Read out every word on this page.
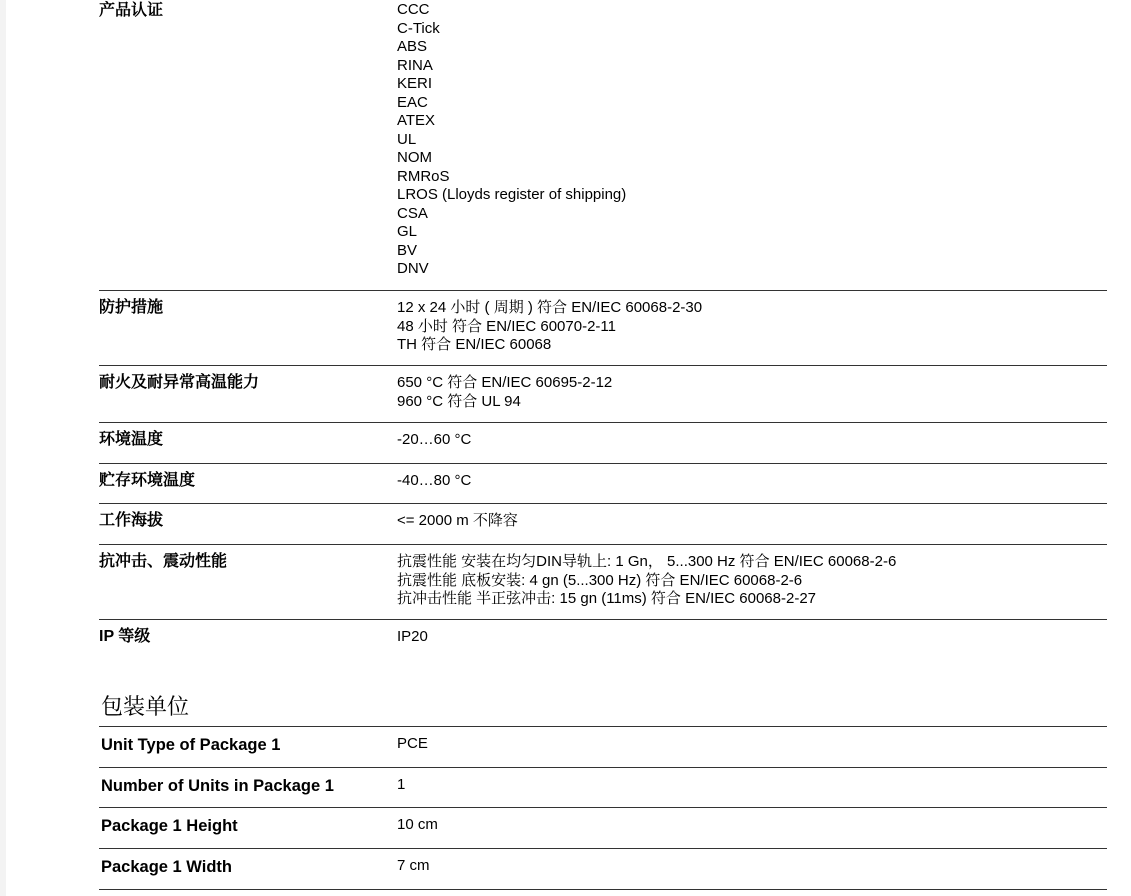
产品认证	CCC
C-Tick
ABS
RINA
KERI
EAC
ATEX
UL
NOM
RMRoS
LROS (Lloyds register of shipping)
CSA
GL
BV
DNV
防护措施	12 x 24 小时 ( 周期 ) 符合 EN/IEC 60068-2-30
48 小时 符合 EN/IEC 60070-2-11
TH 符合 EN/IEC 60068
耐火及耐异常高温能力	650 °C 符合 EN/IEC 60695-2-12
960 °C 符合 UL 94
环境温度	-20…60 °C
贮存环境温度	-40…80 °C
工作海拔	<= 2000 m 不降容
抗冲击、震动性能	抗震性能 安装在均匀DIN导轨上: 1 Gn， 5...300 Hz 符合 EN/IEC 60068-2-6
抗震性能 底板安装: 4 gn (5...300 Hz) 符合 EN/IEC 60068-2-6
抗冲击性能 半正弦冲击: 15 gn (11ms) 符合 EN/IEC 60068-2-27
IP 等级	IP20
包装单位
Unit Type of Package 1	PCE
Number of Units in Package 1	1
Package 1 Height	10 cm
Package 1 Width	7 cm
